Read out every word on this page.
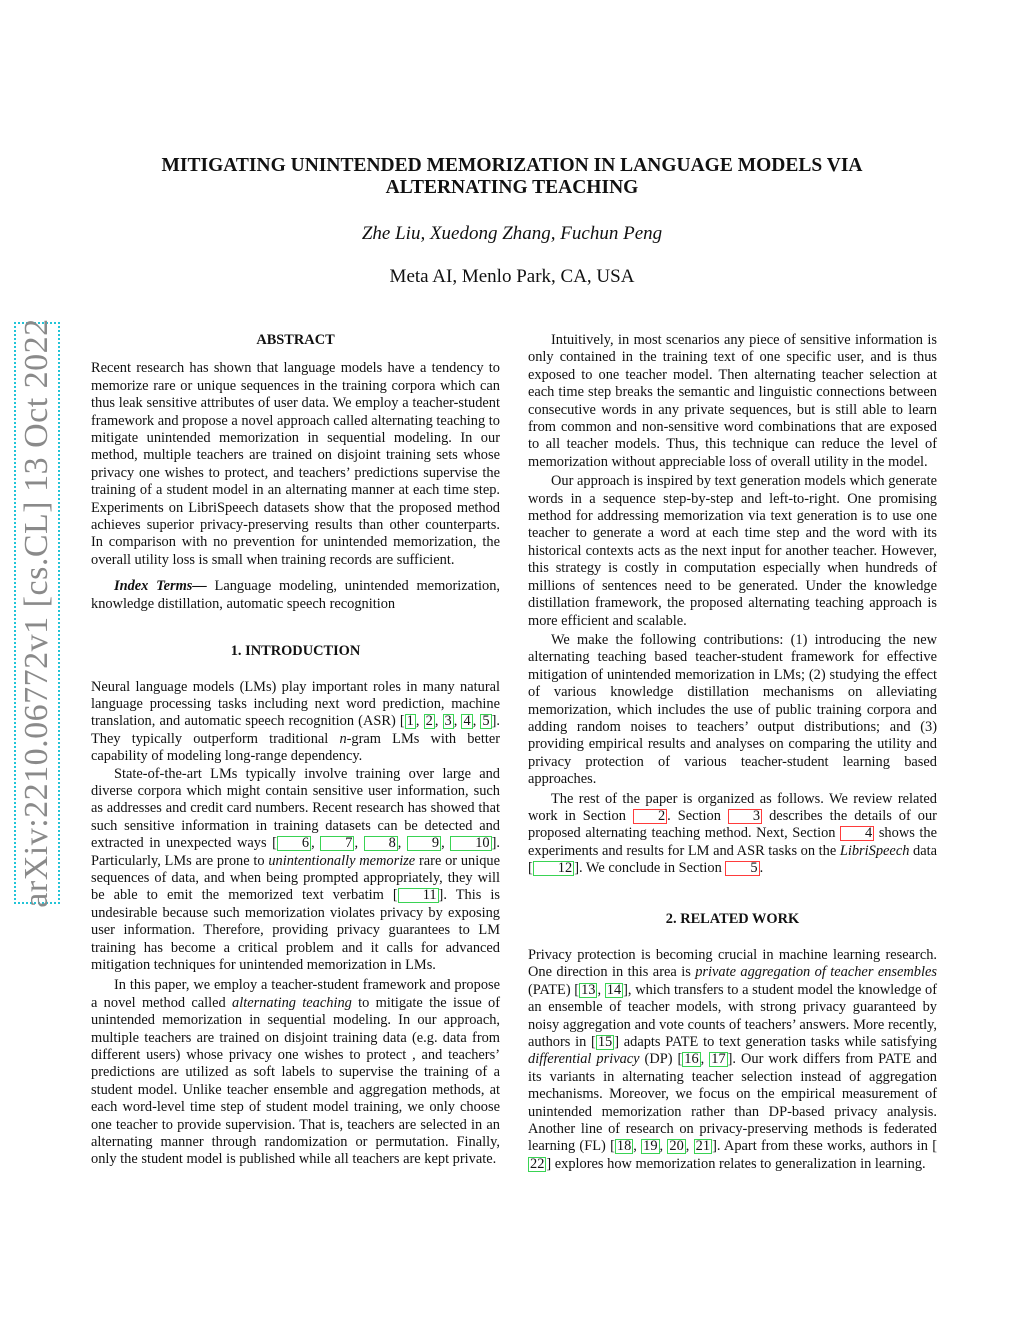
arXiv:2210.06772v1 [cs.CL] 13 Oct 2022
MITIGATING UNINTENDED MEMORIZATION IN LANGUAGE MODELS VIA
ALTERNATING TEACHING
Zhe Liu, Xuedong Zhang, Fuchun Peng
Meta AI, Menlo Park, CA, USA
ABSTRACT

Recent research has shown that language models have a tendency to memorize rare or unique sequences in the training corpora which can thus leak sensitive attributes of user data. We employ a teacher-student framework and propose a novel approach called alternating teaching to mitigate unintended memorization in sequential modeling. In our method, multiple teachers are trained on disjoint training sets whose privacy one wishes to protect, and teachers’ predictions supervise the training of a student model in an alternating manner at each time step. Experiments on LibriSpeech datasets show that the proposed method achieves superior privacy-preserving results than other counterparts. In comparison with no prevention for unintended memorization, the overall utility loss is small when training records are sufficient.

Index Terms— Language modeling, unintended memorization, knowledge distillation, automatic speech recognition

1. INTRODUCTION

Neural language models (LMs) play important roles in many natural language processing tasks including next word prediction, machine translation, and automatic speech recognition (ASR) [ 1 , 2 , 3 , 4 , 5 ]. They typically outperform traditional n-gram LMs with better capability of modeling long-range dependency.

State-of-the-art LMs typically involve training over large and diverse corpora which might contain sensitive user information, such as addresses and credit card numbers. Recent research has showed that such sensitive information in training datasets can be detected and extracted in unexpected ways [ 6 , 7 , 8 , 9 , 10 ]. Particularly, LMs are prone to unintentionally memorize rare or unique sequences of data, and when being prompted appropriately, they will be able to emit the memorized text verbatim [ 11 ]. This is undesirable because such memorization violates privacy by exposing user information. Therefore, providing privacy guarantees to LM training has become a critical problem and it calls for advanced mitigation techniques for unintended memorization in LMs.

In this paper, we employ a teacher-student framework and propose a novel method called alternating teaching to mitigate the issue of unintended memorization in sequential modeling. In our approach, multiple teachers are trained on disjoint training data (e.g. data from different users) whose privacy one wishes to protect , and teachers’ predictions are utilized as soft labels to supervise the training of a student model. Unlike teacher ensemble and aggregation methods, at each word-level time step of student model training, we only choose one teacher to provide supervision. That is, teachers are selected in an alternating manner through randomization or permutation. Finally, only the student model is published while all teachers are kept private.

Intuitively, in most scenarios any piece of sensitive information is only contained in the training text of one specific user, and is thus exposed to one teacher model. Then alternating teacher selection at each time step breaks the semantic and linguistic connections between consecutive words in any private sequences, but is still able to learn from common and non-sensitive word combinations that are exposed to all teacher models. Thus, this technique can reduce the level of memorization without appreciable loss of overall utility in the model.

Our approach is inspired by text generation models which generate words in a sequence step-by-step and left-to-right. One promising method for addressing memorization via text generation is to use one teacher to generate a word at each time step and the word with its historical contexts acts as the next input for another teacher. However, this strategy is costly in computation especially when hundreds of millions of sentences need to be generated. Under the knowledge distillation framework, the proposed alternating teaching approach is more efficient and scalable.

We make the following contributions: (1) introducing the new alternating teaching based teacher-student framework for effective mitigation of unintended memorization in LMs; (2) studying the effect of various knowledge distillation mechanisms on alleviating memorization, which includes the use of public training corpora and adding random noises to teachers’ output distributions; and (3) providing empirical results and analyses on comparing the utility and privacy protection of various teacher-student learning based approaches.

The rest of the paper is organized as follows. We review related work in Section 2 . Section 3 describes the details of our proposed alternating teaching method. Next, Section 4 shows the experiments and results for LM and ASR tasks on the LibriSpeech data [ 12 ]. We conclude in Section 5 .

2. RELATED WORK

Privacy protection is becoming crucial in machine learning research. One direction in this area is private aggregation of teacher ensembles (PATE) [ 13 , 14 ], which transfers to a student model the knowledge of an ensemble of teacher models, with strong privacy guaranteed by noisy aggregation and vote counts of teachers’ answers. More recently, authors in [ 15 ] adapts PATE to text generation tasks while satisfying differential privacy (DP) [ 16 , 17 ]. Our work differs from PATE and its variants in alternating teacher selection instead of aggregation mechanisms. Moreover, we focus on the empirical measurement of unintended memorization rather than DP-based privacy analysis. Another line of research on privacy-preserving methods is federated learning (FL) [ 18 , 19 , 20 , 21 ]. Apart from these works, authors in [22 ] explores how memorization relates to generalization in learning.
